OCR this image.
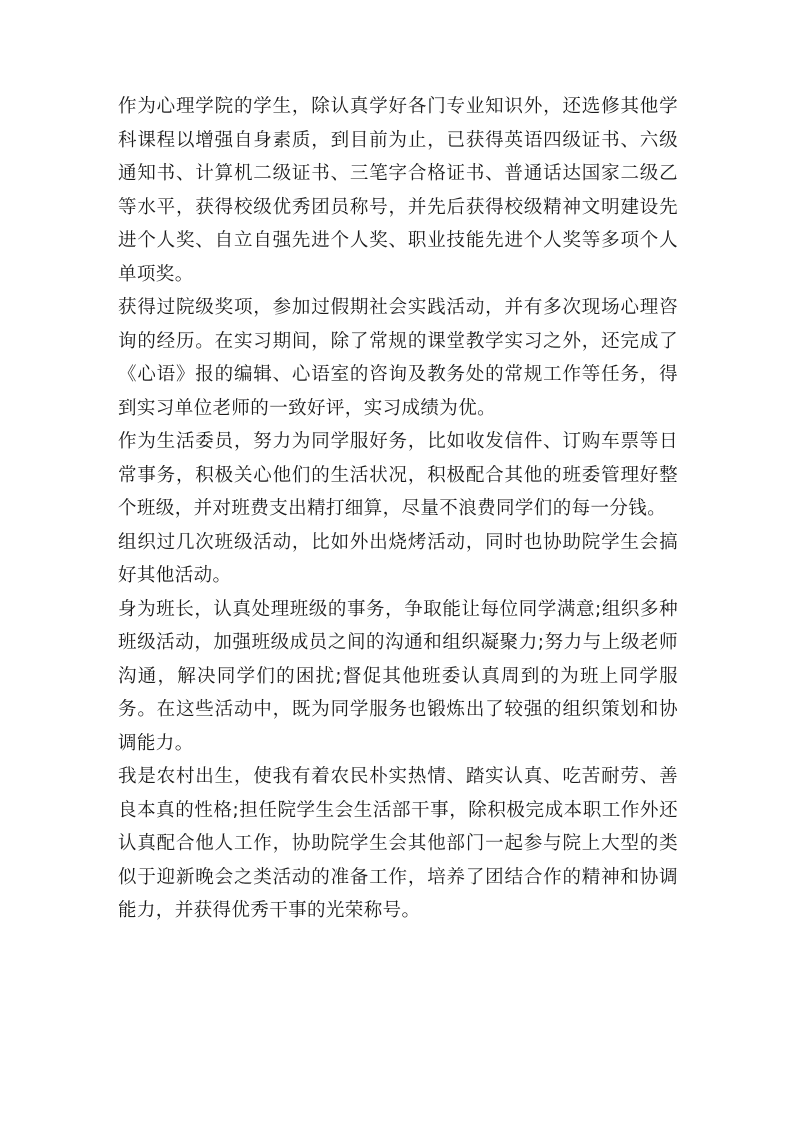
作为心理学院的学生，除认真学好各门专业知识外，还选修其他学科课程以增强自身素质，到目前为止，已获得英语四级证书、六级通知书、计算机二级证书、三笔字合格证书、普通话达国家二级乙等水平，获得校级优秀团员称号，并先后获得校级精神文明建设先进个人奖、自立自强先进个人奖、职业技能先进个人奖等多项个人单项奖。

获得过院级奖项，参加过假期社会实践活动，并有多次现场心理咨询的经历。在实习期间，除了常规的课堂教学实习之外，还完成了《心语》报的编辑、心语室的咨询及教务处的常规工作等任务，得到实习单位老师的一致好评，实习成绩为优。

作为生活委员，努力为同学服好务，比如收发信件、订购车票等日常事务，积极关心他们的生活状况，积极配合其他的班委管理好整个班级，并对班费支出精打细算，尽量不浪费同学们的每一分钱。

组织过几次班级活动，比如外出烧烤活动，同时也协助院学生会搞好其他活动。

身为班长，认真处理班级的事务，争取能让每位同学满意;组织多种班级活动，加强班级成员之间的沟通和组织凝聚力;努力与上级老师沟通，解决同学们的困扰;督促其他班委认真周到的为班上同学服务。在这些活动中，既为同学服务也锻炼出了较强的组织策划和协调能力。

我是农村出生，使我有着农民朴实热情、踏实认真、吃苦耐劳、善良本真的性格;担任院学生会生活部干事，除积极完成本职工作外还认真配合他人工作，协助院学生会其他部门一起参与院上大型的类似于迎新晚会之类活动的准备工作，培养了团结合作的精神和协调能力，并获得优秀干事的光荣称号。
